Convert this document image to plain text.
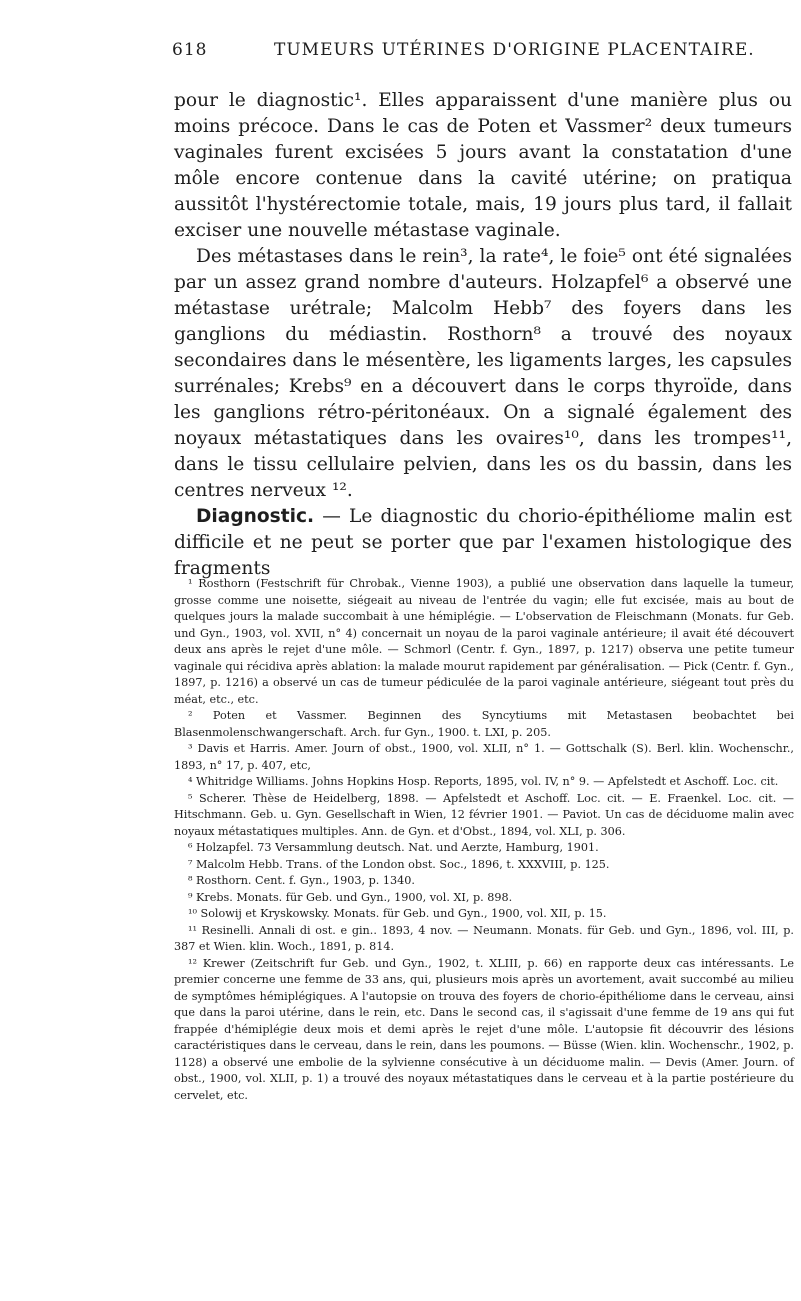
618	TUMEURS UTÉRINES D'ORIGINE PLACENTAIRE.

pour le diagnostic¹. Elles apparaissent d'une manière plus ou moins précoce. Dans le cas de Poten et Vassmer² deux tumeurs vaginales furent excisées 5 jours avant la constatation d'une môle encore contenue dans la cavité utérine; on pratiqua aussitôt l'hystérectomie totale, mais, 19 jours plus tard, il fallait exciser une nouvelle métastase vaginale.

Des métastases dans le rein³, la rate⁴, le foie⁵ ont été signalées par un assez grand nombre d'auteurs. Holzapfel⁶ a observé une métastase urétrale; Malcolm Hebb⁷ des foyers dans les ganglions du médiastin. Rosthorn⁸ a trouvé des noyaux secondaires dans le mésentère, les ligaments larges, les capsules surrénales; Krebs⁹ en a découvert dans le corps thyroïde, dans les ganglions rétro-péritonéaux. On a signalé également des noyaux métastatiques dans les ovaires¹⁰, dans les trompes¹¹, dans le tissu cellulaire pelvien, dans les os du bassin, dans les centres nerveux ¹².

Diagnostic. — Le diagnostic du chorio-épithéliome malin est difficile et ne peut se porter que par l'examen histologique des fragments

¹ Rosthorn (Festschrift für Chrobak., Vienne 1903), a publié une observation dans laquelle la tumeur, grosse comme une noisette, siégeait au niveau de l'entrée du vagin; elle fut excisée, mais au bout de quelques jours la malade succombait à une hémiplégie. — L'observation de Fleischmann (Monats. fur Geb. und Gyn., 1903, vol. XVII, n° 4) concernait un noyau de la paroi vaginale antérieure; il avait été découvert deux ans après le rejet d'une môle. — Schmorl (Centr. f. Gyn., 1897, p. 1217) observa une petite tumeur vaginale qui récidiva après ablation: la malade mourut rapidement par généralisation. — Pick (Centr. f. Gyn., 1897, p. 1216) a observé un cas de tumeur pédiculée de la paroi vaginale antérieure, siégeant tout près du méat, etc., etc.

² Poten et Vassmer. Beginnen des Syncytiums mit Metastasen beobachtet bei Blasenmolenschwangerschaft. Arch. fur Gyn., 1900. t. LXI, p. 205.

³ Davis et Harris. Amer. Journ of obst., 1900, vol. XLII, n° 1. — Gottschalk (S). Berl. klin. Wochenschr., 1893, n° 17, p. 407, etc,

⁴ Whitridge Williams. Johns Hopkins Hosp. Reports, 1895, vol. IV, n° 9. — Apfelstedt et Aschoff. Loc. cit.

⁵ Scherer. Thèse de Heidelberg, 1898. — Apfelstedt et Aschoff. Loc. cit. — E. Fraenkel. Loc. cit. — Hitschmann. Geb. u. Gyn. Gesellschaft in Wien, 12 février 1901. — Paviot. Un cas de déciduome malin avec noyaux métastatiques multiples. Ann. de Gyn. et d'Obst., 1894, vol. XLI, p. 306.

⁶ Holzapfel. 73 Versammlung deutsch. Nat. und Aerzte, Hamburg, 1901.

⁷ Malcolm Hebb. Trans. of the London obst. Soc., 1896, t. XXXVIII, p. 125.

⁸ Rosthorn. Cent. f. Gyn., 1903, p. 1340.

⁹ Krebs. Monats. für Geb. und Gyn., 1900, vol. XI, p. 898.

¹⁰ Solowij et Kryskowsky. Monats. für Geb. und Gyn., 1900, vol. XII, p. 15.

¹¹ Resinelli. Annali di ost. e gin.. 1893, 4 nov. — Neumann. Monats. für Geb. und Gyn., 1896, vol. III, p. 387 et Wien. klin. Woch., 1891, p. 814.

¹² Krewer (Zeitschrift fur Geb. und Gyn., 1902, t. XLIII, p. 66) en rapporte deux cas intéressants. Le premier concerne une femme de 33 ans, qui, plusieurs mois après un avortement, avait succombé au milieu de symptômes hémiplégiques. A l'autopsie on trouva des foyers de chorio-épithéliome dans le cerveau, ainsi que dans la paroi utérine, dans le rein, etc. Dans le second cas, il s'agissait d'une femme de 19 ans qui fut frappée d'hémiplégie deux mois et demi après le rejet d'une môle. L'autopsie fit découvrir des lésions caractéristiques dans le cerveau, dans le rein, dans les poumons. — Büsse (Wien. klin. Wochenschr., 1902, p. 1128) a observé une embolie de la sylvienne consécutive à un déciduome malin. — Devis (Amer. Journ. of obst., 1900, vol. XLII, p. 1) a trouvé des noyaux métastatiques dans le cerveau et à la partie postérieure du cervelet, etc.
